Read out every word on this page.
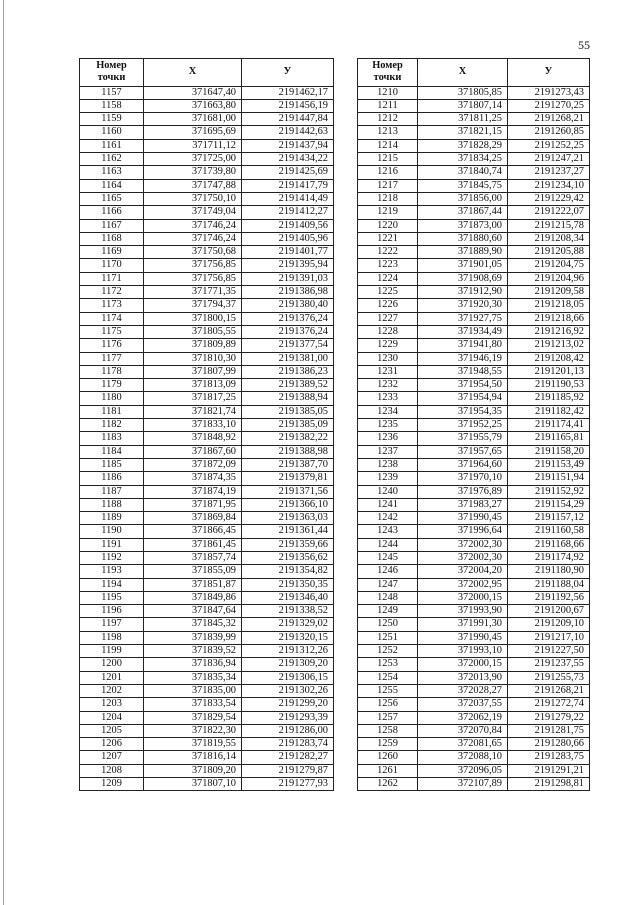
55
Номер
точки	X	У
1157	371647,40	2191462,17
1158	371663,80	2191456,19
1159	371681,00	2191447,84
1160	371695,69	2191442,63
1161	371711,12	2191437,94
1162	371725,00	2191434,22
1163	371739,80	2191425,69
1164	371747,88	2191417,79
1165	371750,10	2191414,49
1166	371749,04	2191412,27
1167	371746,24	2191409,56
1168	371746,24	2191405,96
1169	371750,68	2191401,77
1170	371756,85	2191395,94
1171	371756,85	2191391,03
1172	371771,35	2191386,98
1173	371794,37	2191380,40
1174	371800,15	2191376,24
1175	371805,55	2191376,24
1176	371809,89	2191377,54
1177	371810,30	2191381,00
1178	371807,99	2191386,23
1179	371813,09	2191389,52
1180	371817,25	2191388,94
1181	371821,74	2191385,05
1182	371833,10	2191385,09
1183	371848,92	2191382,22
1184	371867,60	2191388,98
1185	371872,09	2191387,70
1186	371874,35	2191379,81
1187	371874,19	2191371,56
1188	371871,95	2191366,10
1189	371869,84	2191363,03
1190	371866,45	2191361,44
1191	371861,45	2191359,66
1192	371857,74	2191356,62
1193	371855,09	2191354,82
1194	371851,87	2191350,35
1195	371849,86	2191346,40
1196	371847,64	2191338,52
1197	371845,32	2191329,02
1198	371839,99	2191320,15
1199	371839,52	2191312,26
1200	371836,94	2191309,20
1201	371835,34	2191306,15
1202	371835,00	2191302,26
1203	371833,54	2191299,20
1204	371829,54	2191293,39
1205	371822,30	2191286,00
1206	371819,55	2191283,74
1207	371816,14	2191282,27
1208	371809,20	2191279,87
1209	371807,10	2191277,93
Номер
точки	X	У
1210	371805,85	2191273,43
1211	371807,14	2191270,25
1212	371811,25	2191268,21
1213	371821,15	2191260,85
1214	371828,29	2191252,25
1215	371834,25	2191247,21
1216	371840,74	2191237,27
1217	371845,75	2191234,10
1218	371856,00	2191229,42
1219	371867,44	2191222,07
1220	371873,00	2191215,78
1221	371880,60	2191208,34
1222	371889,90	2191205,88
1223	371901,05	2191204,75
1224	371908,69	2191204,96
1225	371912,90	2191209,58
1226	371920,30	2191218,05
1227	371927,75	2191218,66
1228	371934,49	2191216,92
1229	371941,80	2191213,02
1230	371946,19	2191208,42
1231	371948,55	2191201,13
1232	371954,50	2191190,53
1233	371954,94	2191185,92
1234	371954,35	2191182,42
1235	371952,25	2191174,41
1236	371955,79	2191165,81
1237	371957,65	2191158,20
1238	371964,60	2191153,49
1239	371970,10	2191151,94
1240	371976,89	2191152,92
1241	371983,27	2191154,29
1242	371990,45	2191157,12
1243	371996,64	2191160,58
1244	372002,30	2191168,66
1245	372002,30	2191174,92
1246	372004,20	2191180,90
1247	372002,95	2191188,04
1248	372000,15	2191192,56
1249	371993,90	2191200,67
1250	371991,30	2191209,10
1251	371990,45	2191217,10
1252	371993,10	2191227,50
1253	372000,15	2191237,55
1254	372013,90	2191255,73
1255	372028,27	2191268,21
1256	372037,55	2191272,74
1257	372062,19	2191279,22
1258	372070,84	2191281,75
1259	372081,65	2191280,66
1260	372088,10	2191283,75
1261	372096,05	2191291,21
1262	372107,89	2191298,81
